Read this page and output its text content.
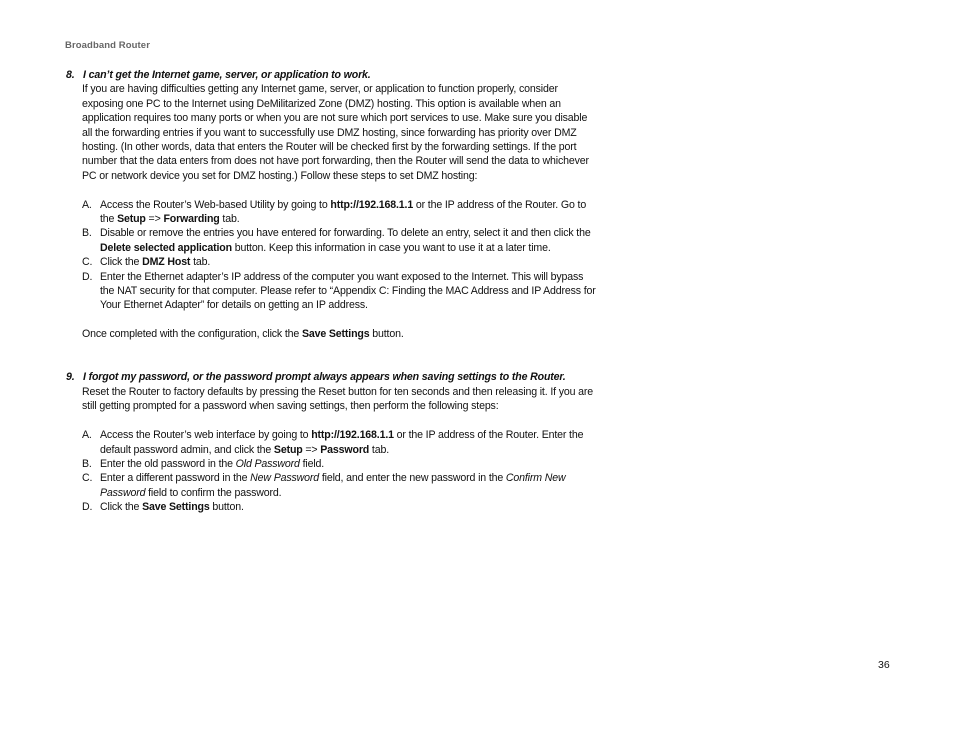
Broadband Router
8. I can’t get the Internet game, server, or application to work.
If you are having difficulties getting any Internet game, server, or application to function properly, consider exposing one PC to the Internet using DeMilitarized Zone (DMZ) hosting. This option is available when an application requires too many ports or when you are not sure which port services to use. Make sure you disable all the forwarding entries if you want to successfully use DMZ hosting, since forwarding has priority over DMZ hosting. (In other words, data that enters the Router will be checked first by the forwarding settings. If the port number that the data enters from does not have port forwarding, then the Router will send the data to whichever PC or network device you set for DMZ hosting.) Follow these steps to set DMZ hosting:
A. Access the Router’s Web-based Utility by going to http://192.168.1.1 or the IP address of the Router. Go to the Setup => Forwarding tab.
B. Disable or remove the entries you have entered for forwarding. To delete an entry, select it and then click the Delete selected application button. Keep this information in case you want to use it at a later time.
C. Click the DMZ Host tab.
D. Enter the Ethernet adapter’s IP address of the computer you want exposed to the Internet. This will bypass the NAT security for that computer. Please refer to “Appendix C: Finding the MAC Address and IP Address for Your Ethernet Adapter” for details on getting an IP address.
Once completed with the configuration, click the Save Settings button.
9. I forgot my password, or the password prompt always appears when saving settings to the Router.
Reset the Router to factory defaults by pressing the Reset button for ten seconds and then releasing it. If you are still getting prompted for a password when saving settings, then perform the following steps:
A. Access the Router’s web interface by going to http://192.168.1.1 or the IP address of the Router. Enter the default password admin, and click the Setup => Password tab.
B. Enter the old password in the Old Password field.
C. Enter a different password in the New Password field, and enter the new password in the Confirm New Password field to confirm the password.
D. Click the Save Settings button.
36
